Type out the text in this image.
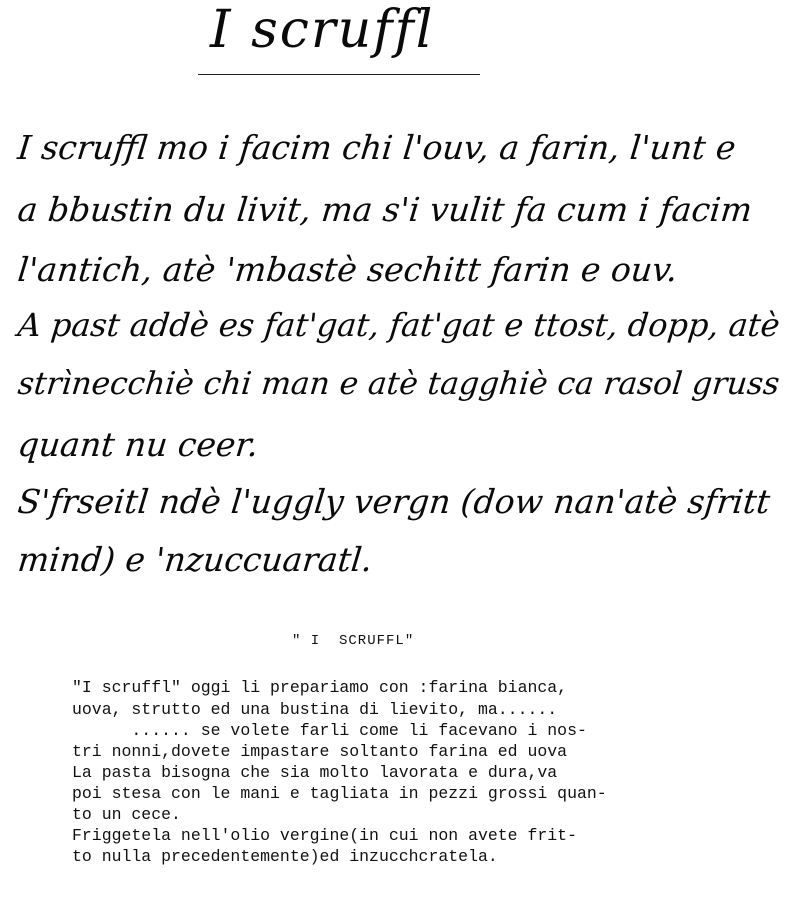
I scruffl
I scruffl mo i facim chi l'ouv, a farin, l'unt e
a bbustin du livit, ma s'i vulit fa cum i facim
l'antich, atè 'mbastè sechitt farin e ouv.
A past addè es fat'gat, fat'gat e ttost, dopp, atè
strìnecchiè chi man e atè tagghiè ca rasol gruss
quant nu ceer.
S'frseitl ndè l'uggly vergn (dow nan'atè sfritt
mind) e 'nzuccuaratl.
" I  SCRUFFL"
"I scruffl" oggi li prepariamo con :farina bianca,
uova, strutto ed una bustina di lievito, ma......
...... se volete farli come li facevano i nos-
tri nonni,dovete impastare soltanto farina ed uova
La pasta bisogna che sia molto lavorata e dura,va
poi stesa con le mani e tagliata in pezzi grossi quan-
to un cece.
Friggetela nell'olio vergine(in cui non avete frit-
to nulla precedentemente)ed inzucchcratela.
